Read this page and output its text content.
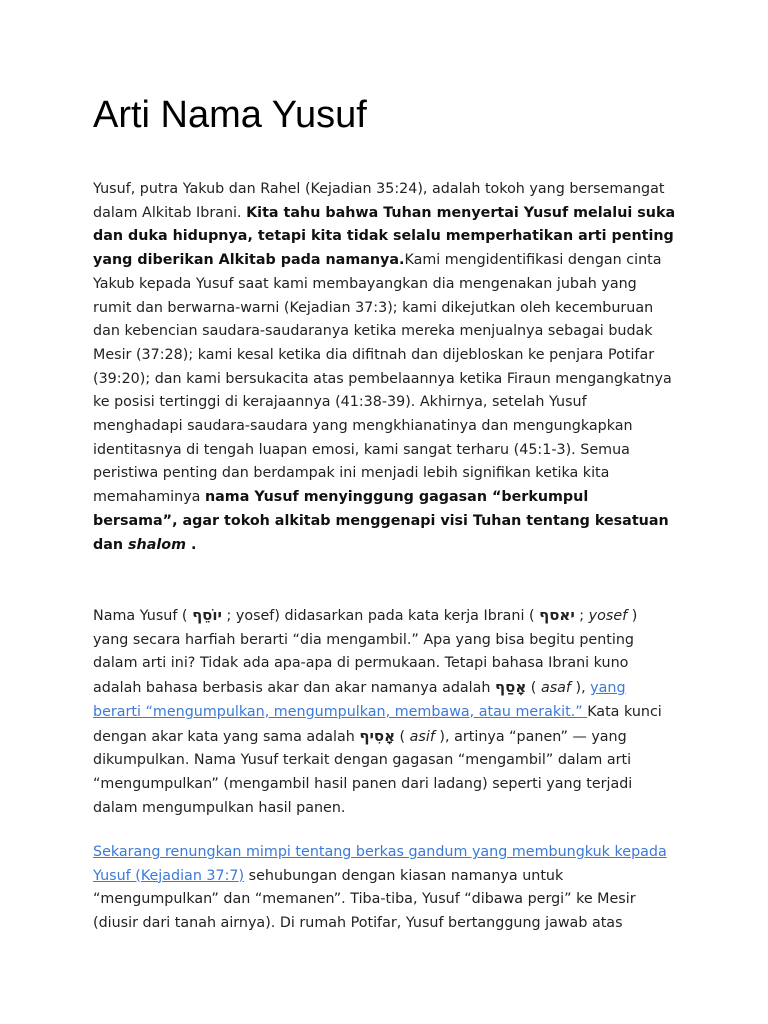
Arti Nama Yusuf

Yusuf, putra Yakub dan Rahel (Kejadian 35:24), adalah tokoh yang bersemangat dalam Alkitab Ibrani. Kita tahu bahwa Tuhan menyertai Yusuf melalui suka dan duka hidupnya, tetapi kita tidak selalu memperhatikan arti penting yang diberikan Alkitab pada namanya.Kami mengidentifikasi dengan cinta Yakub kepada Yusuf saat kami membayangkan dia mengenakan jubah yang rumit dan berwarna-warni (Kejadian 37:3); kami dikejutkan oleh kecemburuan dan kebencian saudara-saudaranya ketika mereka menjualnya sebagai budak Mesir (37:28); kami kesal ketika dia difitnah dan dijebloskan ke penjara Potifar (39:20); dan kami bersukacita atas pembelaannya ketika Firaun mengangkatnya ke posisi tertinggi di kerajaannya (41:38-39). Akhirnya, setelah Yusuf menghadapi saudara-saudara yang mengkhianatinya dan mengungkapkan identitasnya di tengah luapan emosi, kami sangat terharu (45:1-3). Semua peristiwa penting dan berdampak ini menjadi lebih signifikan ketika kita memahaminya nama Yusuf menyinggung gagasan “berkumpul bersama”, agar tokoh alkitab menggenapi visi Tuhan tentang kesatuan dan shalom .

Nama Yusuf ( יוֹסֵף ; yosef) didasarkan pada kata kerja Ibrani ( יאסף ; yosef ) yang secara harfiah berarti “dia mengambil.” Apa yang bisa begitu penting dalam arti ini? Tidak ada apa-apa di permukaan. Tetapi bahasa Ibrani kuno adalah bahasa berbasis akar dan akar namanya adalah אָסַף ( asaf ), yang berarti “mengumpulkan, mengumpulkan, membawa, atau merakit.” Kata kunci dengan akar kata yang sama adalah אָסִיף ( asif ), artinya “panen” — yang dikumpulkan. Nama Yusuf terkait dengan gagasan “mengambil” dalam arti “mengumpulkan” (mengambil hasil panen dari ladang) seperti yang terjadi dalam mengumpulkan hasil panen.

Sekarang renungkan mimpi tentang berkas gandum yang membungkuk kepada Yusuf (Kejadian 37:7) sehubungan dengan kiasan namanya untuk “mengumpulkan” dan “memanen”. Tiba-tiba, Yusuf “dibawa pergi” ke Mesir (diusir dari tanah airnya). Di rumah Potifar, Yusuf bertanggung jawab atas
